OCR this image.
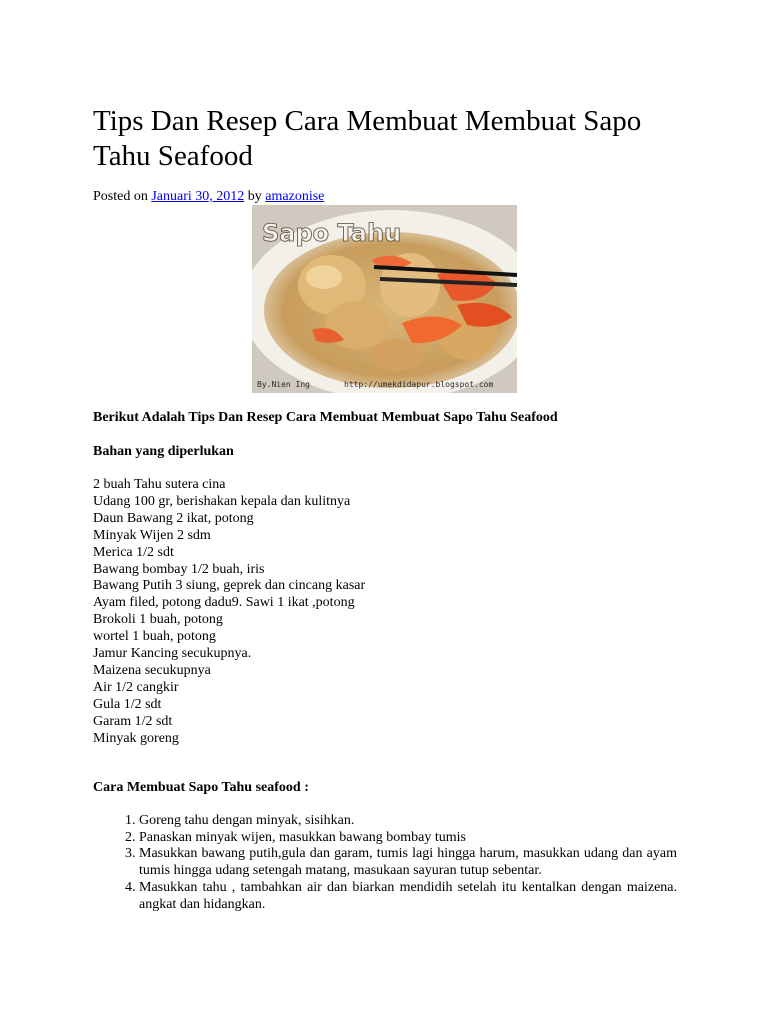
Tips Dan Resep Cara Membuat Membuat Sapo Tahu Seafood
Posted on Januari 30, 2012 by amazonise
Sapo Tahu
By.Nien Ing	http://umekdidapur.blogspot.com
Berikut Adalah Tips Dan Resep Cara Membuat Membuat Sapo Tahu Seafood
Bahan yang diperlukan
2 buah Tahu sutera cina
Udang 100 gr, berishakan kepala dan kulitnya
Daun Bawang 2 ikat, potong
Minyak Wijen 2 sdm
Merica 1/2 sdt
Bawang bombay 1/2 buah, iris
Bawang Putih 3 siung, geprek dan cincang kasar
Ayam filed, potong dadu9. Sawi 1 ikat ,potong
Brokoli 1 buah, potong
wortel 1 buah, potong
Jamur Kancing secukupnya.
Maizena secukupnya
Air 1/2 cangkir
Gula 1/2 sdt
Garam 1/2 sdt
Minyak goreng
Cara Membuat Sapo Tahu seafood :
1. Goreng tahu dengan minyak, sisihkan.
2. Panaskan minyak wijen, masukkan bawang bombay tumis
3. Masukkan bawang putih,gula dan garam, tumis lagi hingga harum, masukkan udang dan ayam tumis hingga udang setengah matang, masukaan sayuran tutup sebentar.
4. Masukkan tahu , tambahkan air dan biarkan mendidih setelah itu kentalkan dengan maizena. angkat dan hidangkan.
